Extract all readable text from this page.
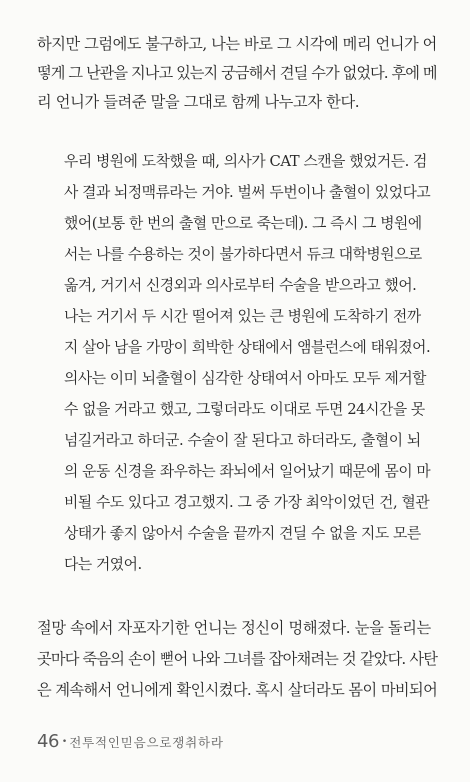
하지만 그럼에도 불구하고, 나는 바로 그 시각에 메리 언니가 어
떻게 그 난관을 지나고 있는지 궁금해서 견딜 수가 없었다. 후에 메
리 언니가 들려준 말을 그대로 함께 나누고자 한다.
우리 병원에 도착했을 때, 의사가 CAT 스캔을 했었거든. 검
사 결과 뇌정맥류라는 거야. 벌써 두번이나 출혈이 있었다고
했어(보통 한 번의 출혈 만으로 죽는데). 그 즉시 그 병원에
서는 나를 수용하는 것이 불가하다면서 듀크 대학병원으로
옮겨, 거기서 신경외과 의사로부터 수술을 받으라고 했어.
나는 거기서 두 시간 떨어져 있는 큰 병원에 도착하기 전까
지 살아 남을 가망이 희박한 상태에서 앰블런스에 태워졌어.
의사는 이미 뇌출혈이 심각한 상태여서 아마도 모두 제거할
수 없을 거라고 했고, 그렇더라도 이대로 두면 24시간을 못
넘길거라고 하더군. 수술이 잘 된다고 하더라도, 출혈이 뇌
의 운동 신경을 좌우하는 좌뇌에서 일어났기 때문에 몸이 마
비될 수도 있다고 경고했지. 그 중 가장 최악이었던 건, 혈관
상태가 좋지 않아서 수술을 끝까지 견딜 수 없을 지도 모른
다는 거였어.
절망 속에서 자포자기한 언니는 정신이 멍해졌다. 눈을 돌리는
곳마다 죽음의 손이 뻗어 나와 그녀를 잡아채려는 것 같았다. 사탄
은 계속해서 언니에게 확인시켰다. 혹시 살더라도 몸이 마비되어
46 • 전투적인믿음으로쟁취하라
